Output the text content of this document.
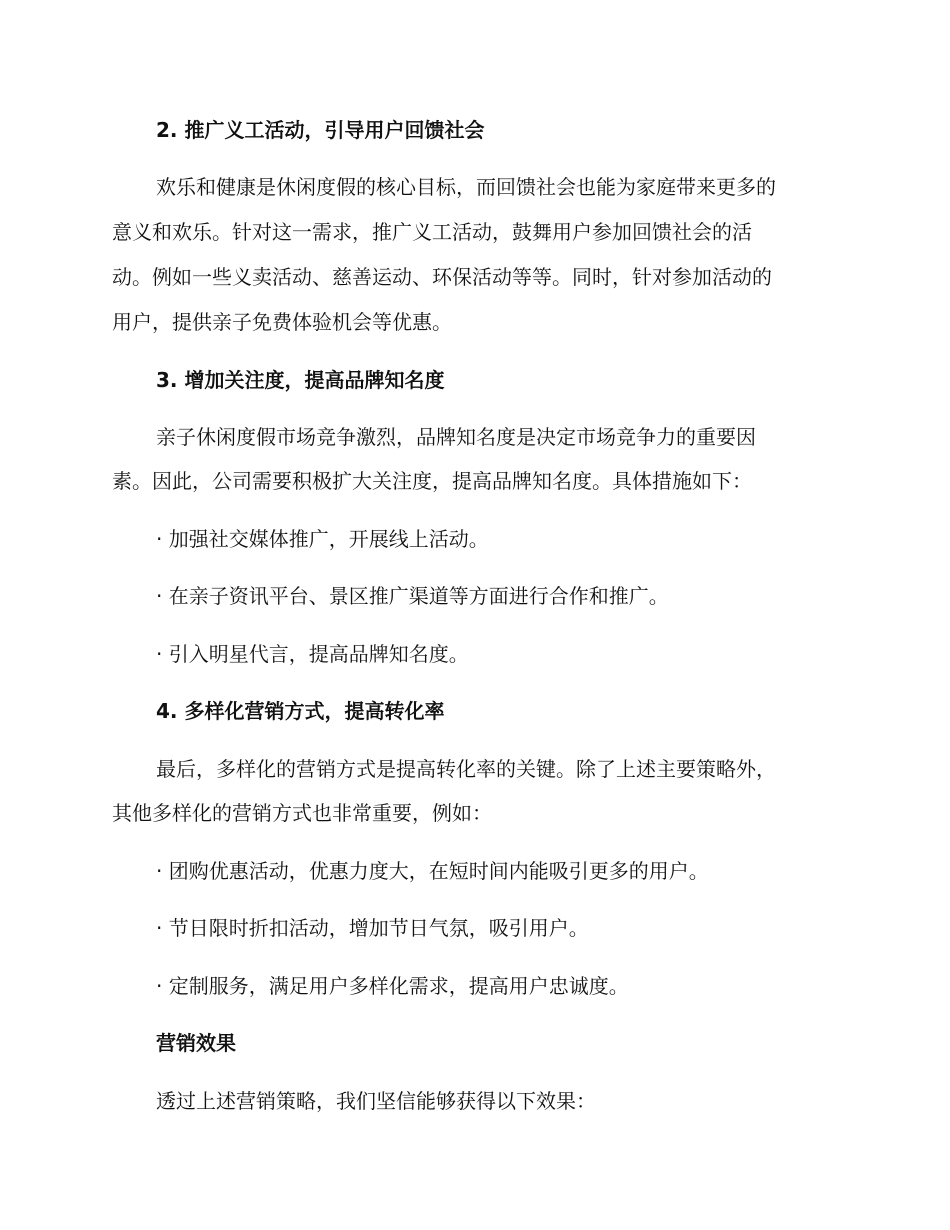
2. 推广义工活动，引导用户回馈社会
欢乐和健康是休闲度假的核心目标，而回馈社会也能为家庭带来更多的
意义和欢乐。针对这一需求，推广义工活动，鼓舞用户参加回馈社会的活
动。例如一些义卖活动、慈善运动、环保活动等等。同时，针对参加活动的
用户，提供亲子免费体验机会等优惠。
3. 增加关注度，提高品牌知名度
亲子休闲度假市场竞争激烈，品牌知名度是决定市场竞争力的重要因
素。因此，公司需要积极扩大关注度，提高品牌知名度。具体措施如下：
· 加强社交媒体推广，开展线上活动。
· 在亲子资讯平台、景区推广渠道等方面进行合作和推广。
· 引入明星代言，提高品牌知名度。
4. 多样化营销方式，提高转化率
最后，多样化的营销方式是提高转化率的关键。除了上述主要策略外，
其他多样化的营销方式也非常重要，例如：
· 团购优惠活动，优惠力度大，在短时间内能吸引更多的用户。
· 节日限时折扣活动，增加节日气氛，吸引用户。
· 定制服务，满足用户多样化需求，提高用户忠诚度。
营销效果
透过上述营销策略，我们坚信能够获得以下效果：
